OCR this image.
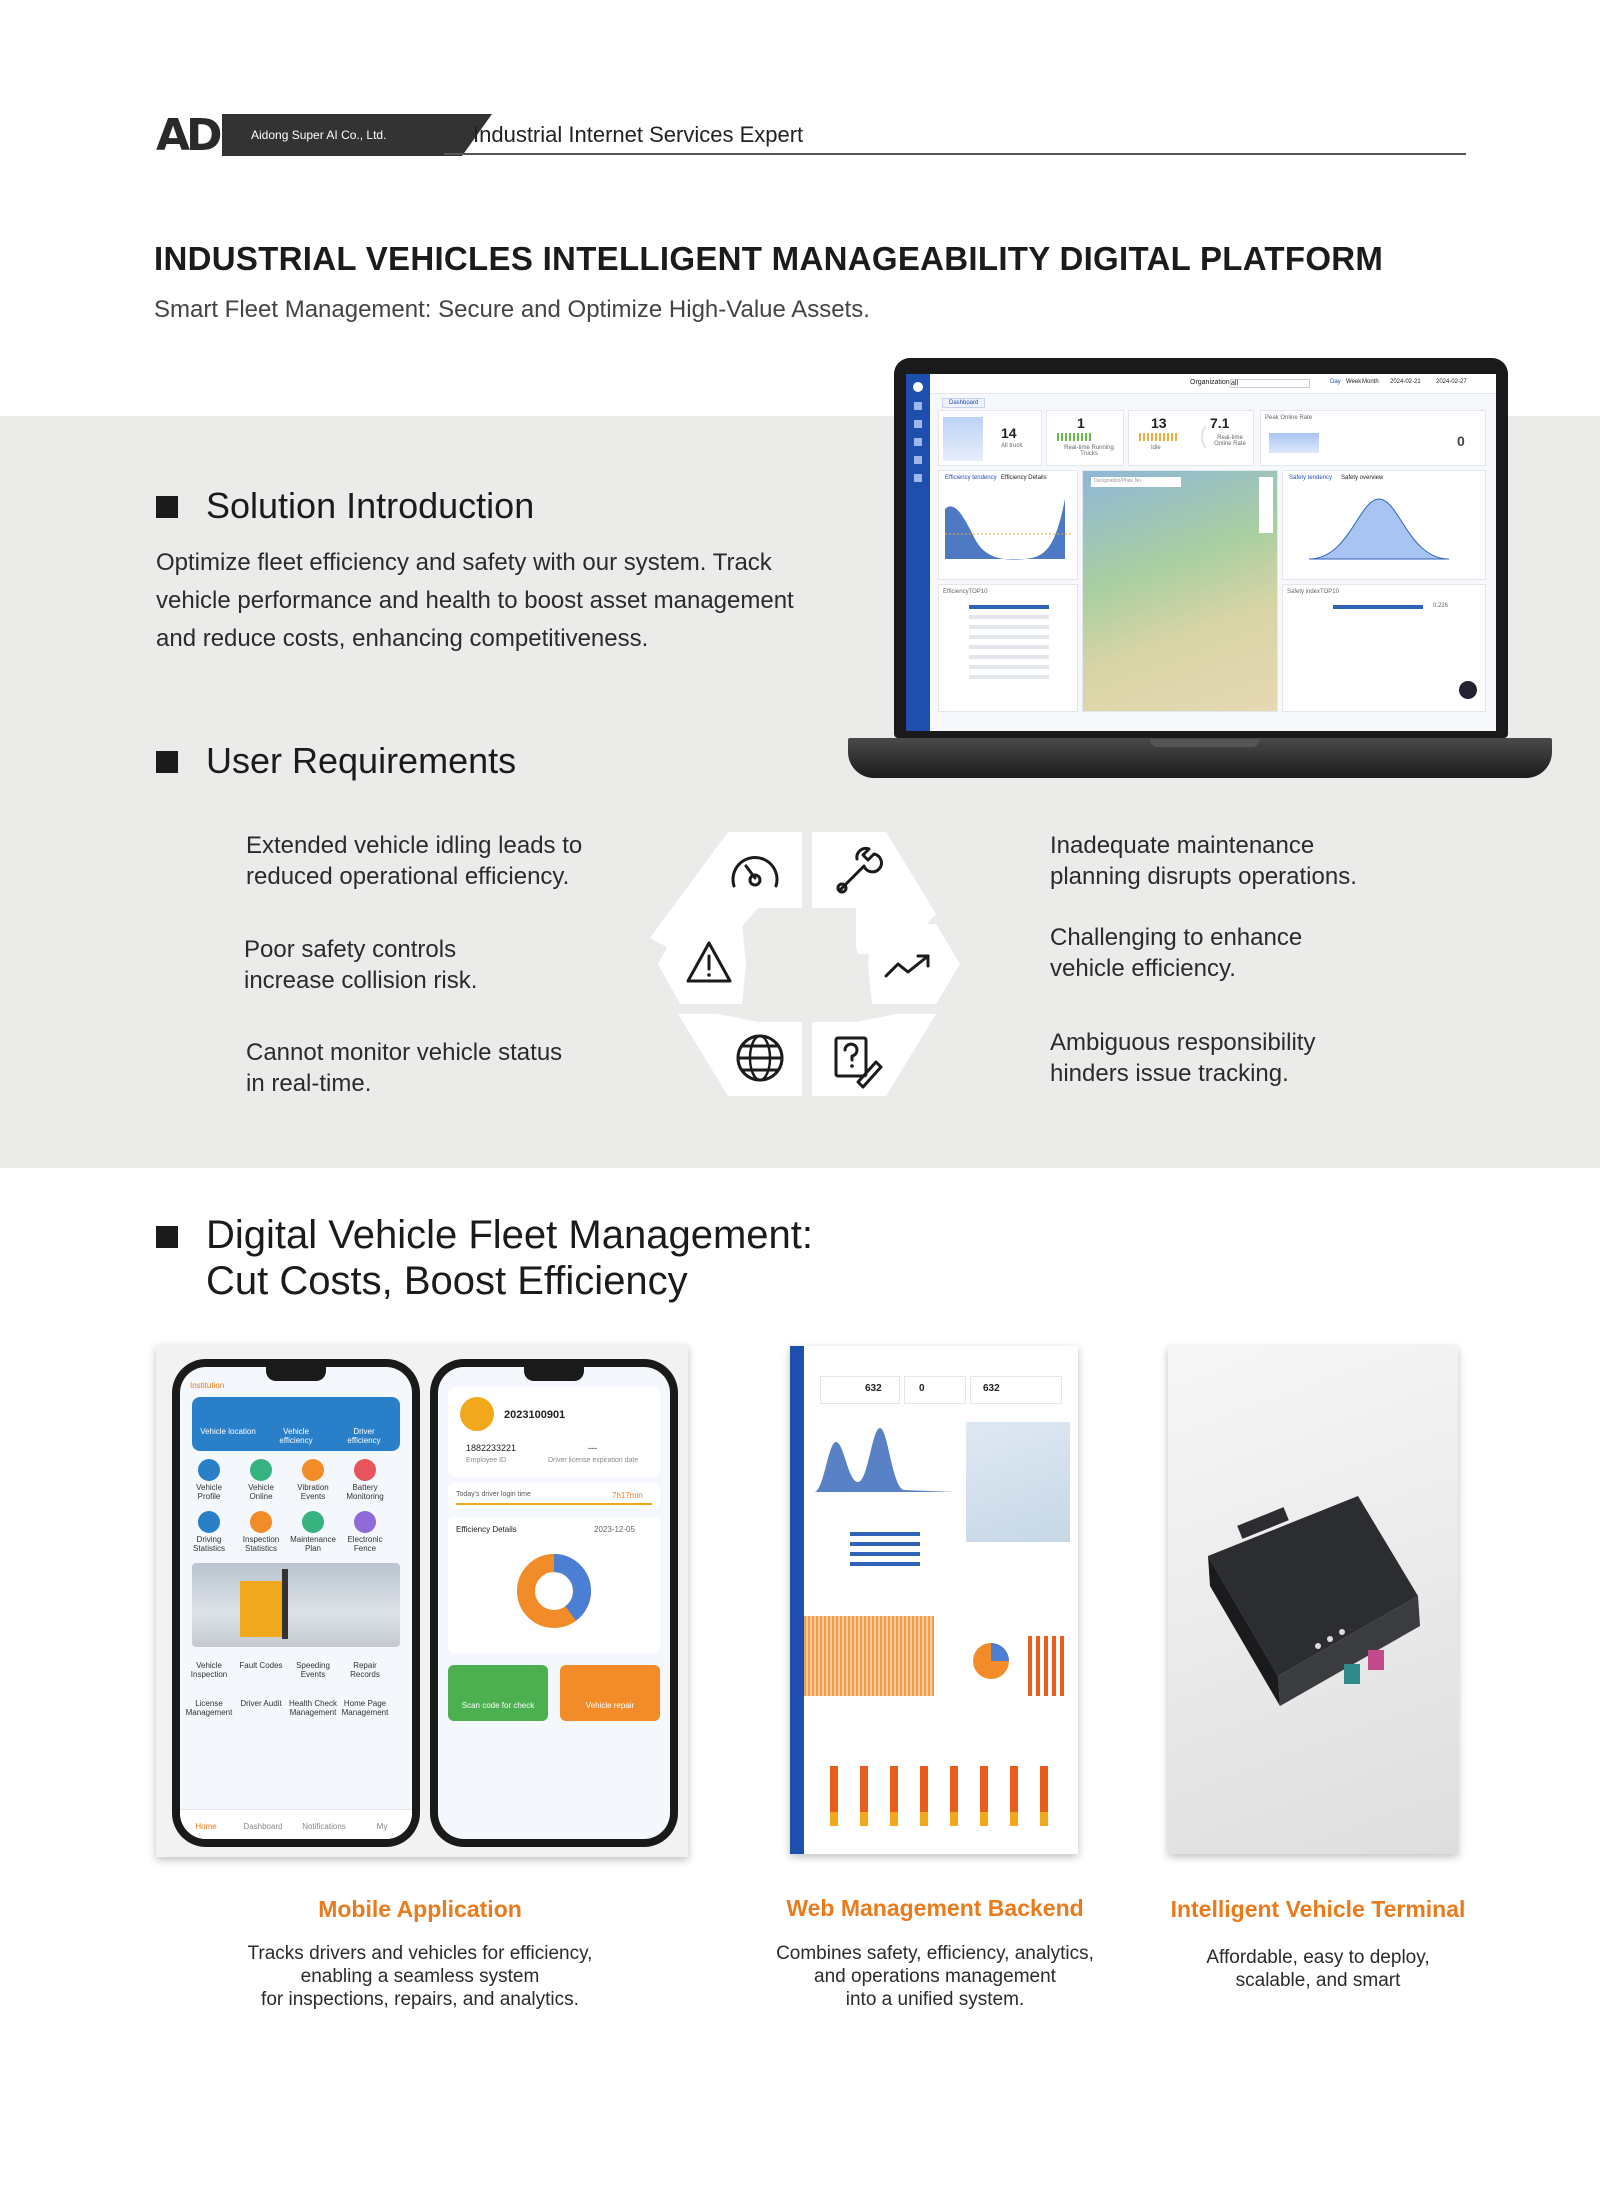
AD	Aidong Super AI Co., Ltd.	Industrial Internet Services Expert
INDUSTRIAL VEHICLES INTELLIGENT MANAGEABILITY DIGITAL PLATFORM
Smart Fleet Management: Secure and Optimize High-Value Assets.
Solution Introduction
Optimize fleet efficiency and safety with our system. Track
vehicle performance and health to boost asset management
and reduce costs, enhancing competitiveness.
User Requirements
Extended vehicle idling leads to
reduced operational efficiency.
Poor safety controls
increase collision risk.
Cannot monitor vehicle status
in real-time.
Inadequate maintenance
planning disrupts operations.
Challenging to enhance
vehicle efficiency.
Ambiguous responsibility
hinders issue tracking.
Organization: all	Day Week Month 2024-02-21	2024-02-27
Dashboard
14
All truck
1
Real-time Running Trucks
13
Idle
7.1
Real-time Online Rate
Peak Online Rate
0
Efficiency tendency Efficiency Details	Designation/Plate No	Safety tendency Safety overview
EfficiencyTOP10	Safety indexTOP10
0.226
Digital Vehicle Fleet Management:
Cut Costs, Boost Efficiency
Institution
Vehicle location	Vehicle efficiency
Driver efficiency
Vehicle Profile
Vehicle Online
Vibration Events
Battery Monitoring
Driving Statistics
Inspection Statistics
Maintenance Plan
Electronic Fence
Vehicle Inspection
Fault Codes	Speeding Events
Repair Records
License Management
Driver Audit Health Check Management
Home Page Management
Home	Dashboard	Notifications	My
2023100901
1882233221	---
Employee ID	Driver license expiration date
Today's driver login time	7h17min
Efficiency Details	2023-12-05
Scan code for check	Vehicle repair
632	0	632
Mobile Application
Tracks drivers and vehicles for efficiency,
enabling a seamless system
for inspections, repairs, and analytics.
Web Management Backend
Combines safety, efficiency, analytics,
and operations management
into a unified system.
Intelligent Vehicle Terminal
Affordable, easy to deploy,
scalable, and smart
